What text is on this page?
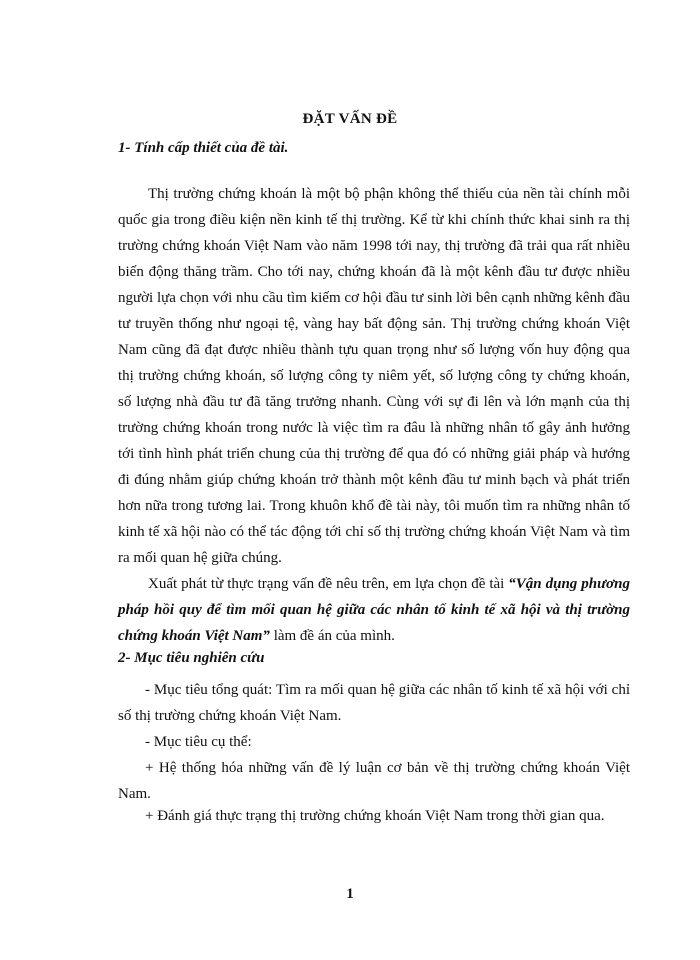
ĐẶT VẤN ĐỀ
1- Tính cấp thiết của đề tài.
Thị trường chứng khoán là một bộ phận không thể thiếu của nền tài chính mỗi quốc gia trong điều kiện nền kinh tế thị trường. Kể từ khi chính thức khai sinh ra thị trường chứng khoán Việt Nam vào năm 1998 tới nay, thị trường đã trải qua rất nhiều biến động thăng trầm. Cho tới nay, chứng khoán đã là một kênh đầu tư được nhiều người lựa chọn với nhu cầu tìm kiếm cơ hội đầu tư sinh lời bên cạnh những kênh đầu tư truyền thống như ngoại tệ, vàng hay bất động sản. Thị trường chứng khoán Việt Nam cũng đã đạt được nhiều thành tựu quan trọng như số lượng vốn huy động qua thị trường chứng khoán, số lượng công ty niêm yết, số lượng công ty chứng khoán, số lượng nhà đầu tư đã tăng trưởng nhanh. Cùng với sự đi lên và lớn mạnh của thị trường chứng khoán trong nước là việc tìm ra đâu là những nhân tố gây ảnh hưởng tới tình hình phát triển chung của thị trường để qua đó có những giải pháp và hướng đi đúng nhằm giúp chứng khoán trở thành một kênh đầu tư minh bạch và phát triển hơn nữa trong tương lai. Trong khuôn khổ đề tài này, tôi muốn tìm ra những nhân tố kinh tế xã hội nào có thể tác động tới chỉ số thị trường chứng khoán Việt Nam và tìm ra mối quan hệ giữa chúng.
Xuất phát từ thực trạng vấn đề nêu trên, em lựa chọn đề tài “Vận dụng phương pháp hồi quy để tìm mối quan hệ giữa các nhân tố kinh tế xã hội và thị trường chứng khoán Việt Nam” làm đề án của mình.
2- Mục tiêu nghiên cứu
- Mục tiêu tổng quát: Tìm ra mối quan hệ giữa các nhân tố kinh tế xã hội với chỉ số thị trường chứng khoán Việt Nam.
- Mục tiêu cụ thể:
+ Hệ thống hóa những vấn đề lý luận cơ bản về thị trường chứng khoán Việt Nam.
+ Đánh giá thực trạng thị trường chứng khoán Việt Nam trong thời gian qua.
1
